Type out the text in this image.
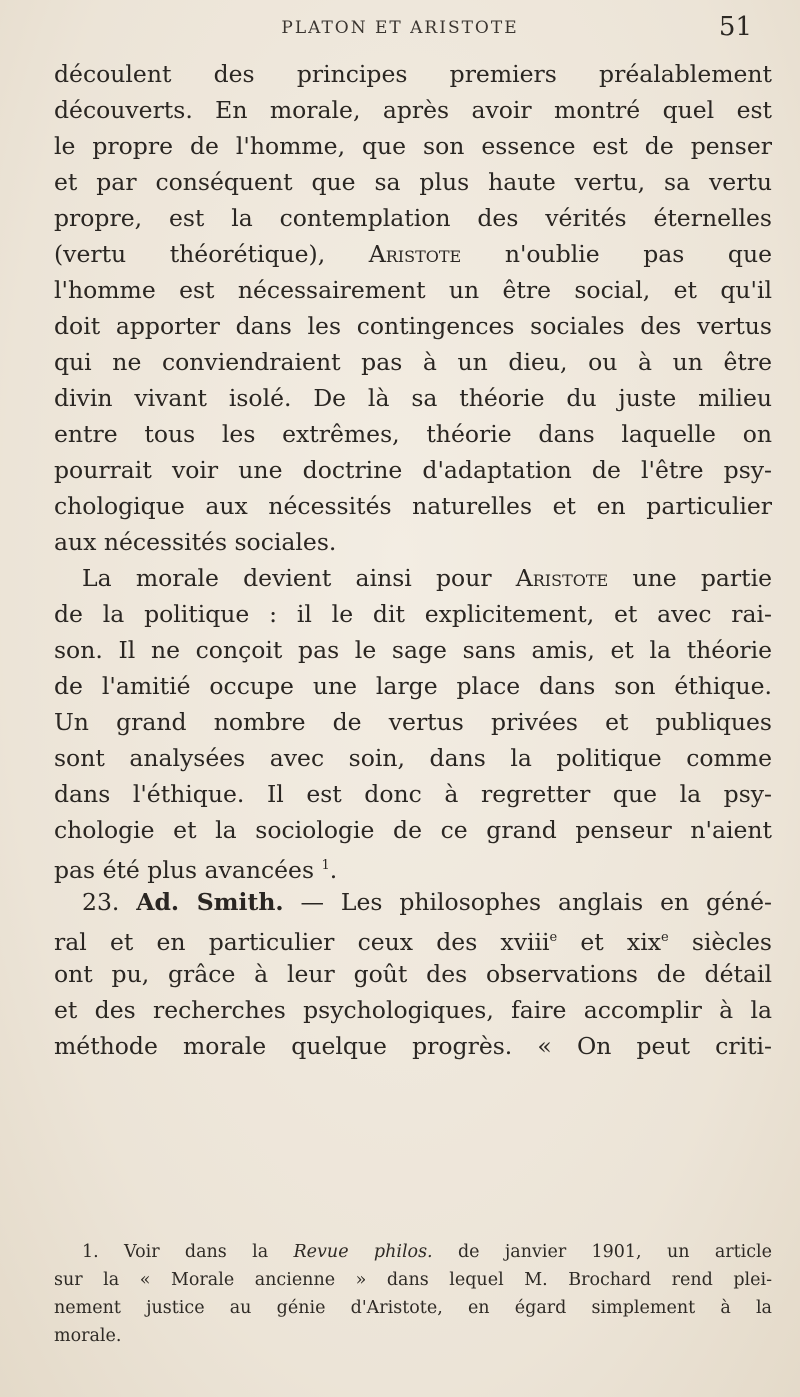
PLATON ET ARISTOTE	51
découlent des principes premiers préalablement
découverts. En morale, après avoir montré quel est
le propre de l'homme, que son essence est de penser
et par conséquent que sa plus haute vertu, sa vertu
propre, est la contemplation des vérités éternelles
(vertu théorétique), Aristote n'oublie pas que
l'homme est nécessairement un être social, et qu'il
doit apporter dans les contingences sociales des vertus
qui ne conviendraient pas à un dieu, ou à un être
divin vivant isolé. De là sa théorie du juste milieu
entre tous les extrêmes, théorie dans laquelle on
pourrait voir une doctrine d'adaptation de l'être psy-
chologique aux nécessités naturelles et en particulier
aux nécessités sociales.
La morale devient ainsi pour Aristote une partie
de la politique : il le dit explicitement, et avec rai-
son. Il ne conçoit pas le sage sans amis, et la théorie
de l'amitié occupe une large place dans son éthique.
Un grand nombre de vertus privées et publiques
sont analysées avec soin, dans la politique comme
dans l'éthique. Il est donc à regretter que la psy-
chologie et la sociologie de ce grand penseur n'aient
pas été plus avancées $^1$.
23. Ad. Smith. — Les philosophes anglais en géné-
ral et en particulier ceux des xviii$^e$ et xix$^e$ siècles
ont pu, grâce à leur goût des observations de détail
et des recherches psychologiques, faire accomplir à la
méthode morale quelque progrès. « On peut criti-
1. Voir dans la Revue philos. de janvier 1901, un article
sur la « Morale ancienne » dans lequel M. Brochard rend plei-
nement justice au génie d'Aristote, en égard simplement à la
morale.
